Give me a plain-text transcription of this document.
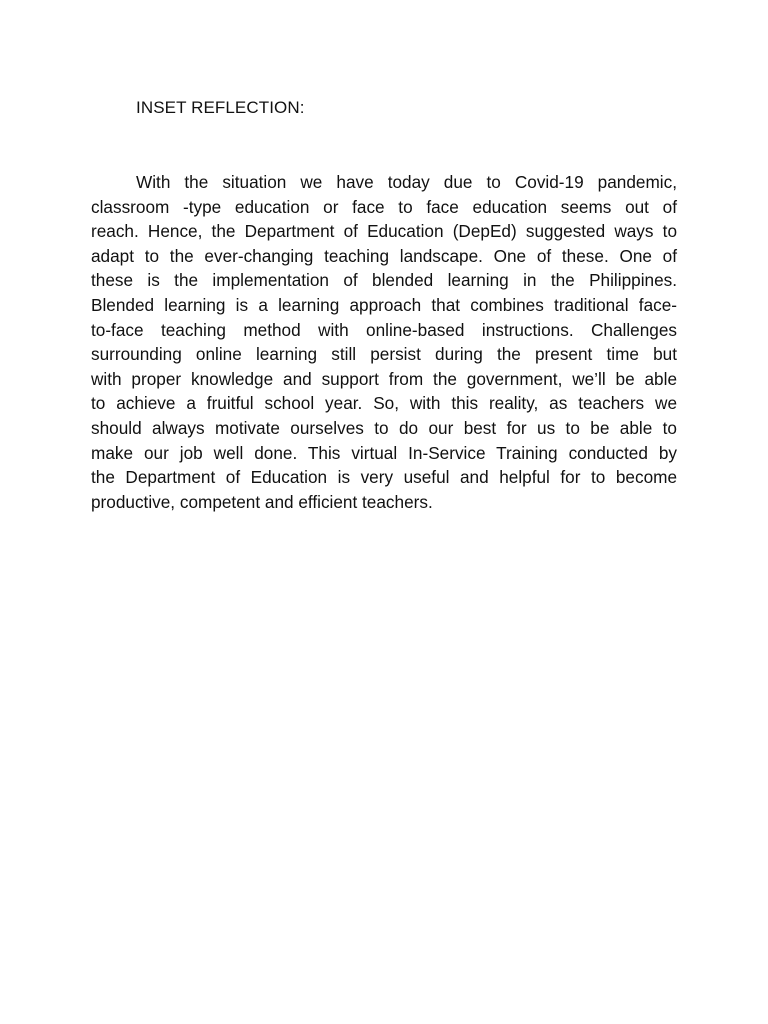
INSET REFLECTION:
With the situation we have today due to Covid-19 pandemic,
classroom -type education or face to face education seems out of
reach. Hence, the Department of Education (DepEd) suggested ways to
adapt to the ever-changing teaching landscape. One of these. One of
these is the implementation of blended learning in the Philippines.
Blended learning is a learning approach that combines traditional face-
to-face teaching method with online-based instructions. Challenges
surrounding online learning still persist during the present time but
with proper knowledge and support from the government, we’ll be able
to achieve a fruitful school year. So, with this reality, as teachers we
should always motivate ourselves to do our best for us to be able to
make our job well done. This virtual In-Service Training conducted by
the Department of Education is very useful and helpful for to become
productive, competent and efficient teachers.
